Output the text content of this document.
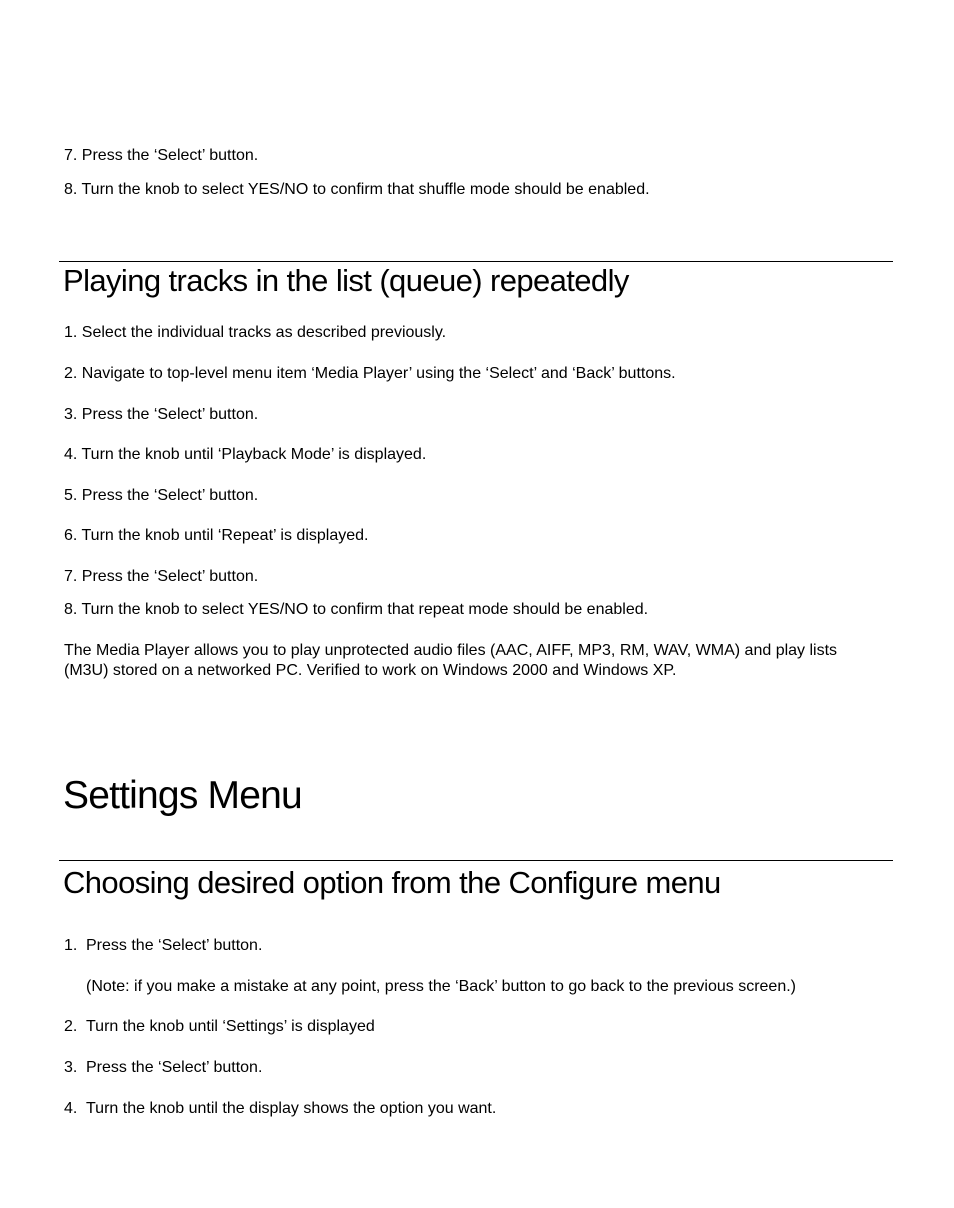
7. Press the ‘Select’ button.

8. Turn the knob to select YES/NO to confirm that shuffle mode should be enabled.

Playing tracks in the list (queue) repeatedly

1. Select the individual tracks as described previously.

2. Navigate to top-level menu item ‘Media Player’ using the ‘Select’ and ‘Back’ buttons.

3. Press the ‘Select’ button.

4. Turn the knob until ‘Playback Mode’ is displayed.

5. Press the ‘Select’ button.

6. Turn the knob until ‘Repeat’ is displayed.

7. Press the ‘Select’ button.

8. Turn the knob to select YES/NO to confirm that repeat mode should be enabled.

The Media Player allows you to play unprotected audio files (AAC, AIFF, MP3, RM, WAV, WMA) and play lists (M3U) stored on a networked PC. Verified to work on Windows 2000 and Windows XP.

Settings Menu
Choosing desired option from the Configure menu
1. Press the ‘Select’ button.
(Note: if you make a mistake at any point, press the ‘Back’ button to go back to the previous screen.)
2. Turn the knob until ‘Settings’ is displayed
3. Press the ‘Select’ button.
4. Turn the knob until the display shows the option you want.
